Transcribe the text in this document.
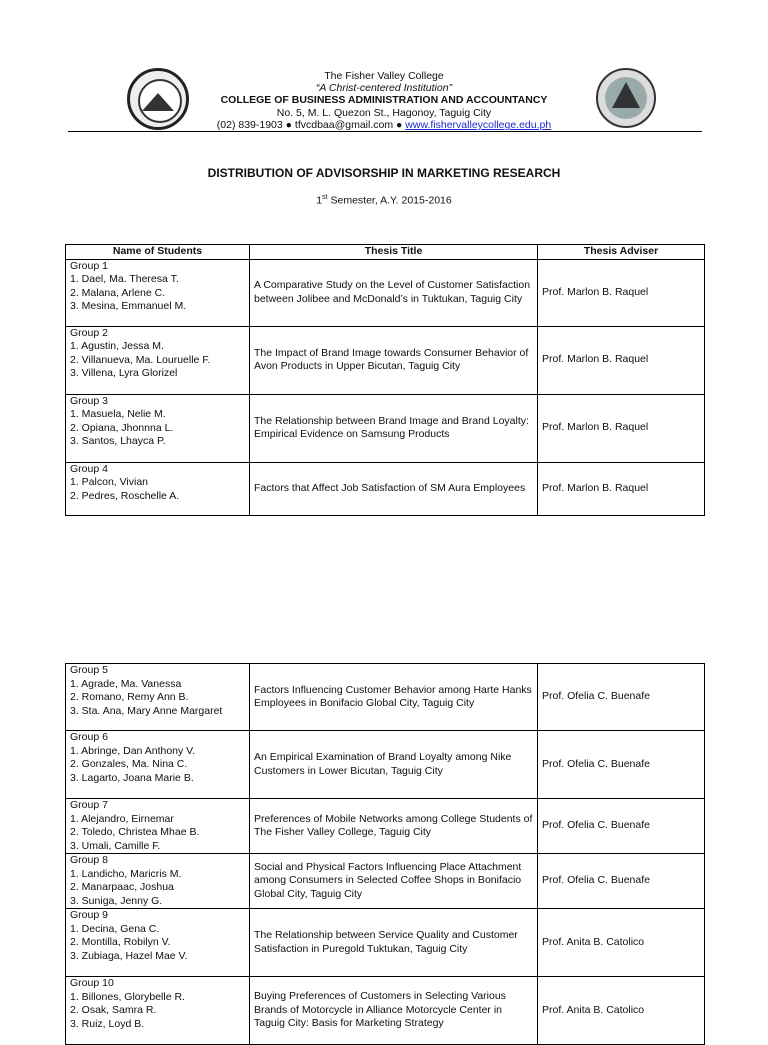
The Fisher Valley College
“A Christ-centered Institution”
COLLEGE OF BUSINESS ADMINISTRATION AND ACCOUNTANCY
No. 5, M. L. Quezon St., Hagonoy, Taguig City
(02) 839-1903 ● tfvcdbaa@gmail.com ● www.fishervalleycollege.edu.ph
DISTRIBUTION OF ADVISORSHIP IN MARKETING RESEARCH
1st Semester, A.Y. 2015-2016
Name of Students	Thesis Title	Thesis Adviser

Group 1
1. Dael, Ma. Theresa T.
2. Malana, Arlene C.
3. Mesina, Emmanuel M.	A Comparative Study on the Level of Customer Satisfaction between Jolibee and McDonald’s in Tuktukan, Taguig City	Prof. Marlon B. Raquel

Group 2
1. Agustin, Jessa M.
2. Villanueva, Ma. Louruelle F.
3. Villena, Lyra Glorizel	The Impact of Brand Image towards Consumer Behavior of Avon Products in Upper Bicutan, Taguig City	Prof. Marlon B. Raquel

Group 3
1. Masuela, Nelie M.
2. Opiana, Jhonnna L.
3. Santos, Lhayca P.	The Relationship between Brand Image and Brand Loyalty: Empirical Evidence on Samsung Products	Prof. Marlon B. Raquel

Group 4
1. Palcon, Vivian
2. Pedres, Roschelle A.	Factors that Affect Job Satisfaction of SM Aura Employees	Prof. Marlon B. Raquel
Group 5
1. Agrade, Ma. Vanessa
2. Romano, Remy Ann B.
3. Sta. Ana, Mary Anne Margaret	Factors Influencing Customer Behavior among Harte Hanks Employees in Bonifacio Global City, Taguig City	Prof. Ofelia C. Buenafe

Group 6
1. Abringe, Dan Anthony V.
2. Gonzales, Ma. Nina C.
3. Lagarto, Joana Marie B.	An Empirical Examination of Brand Loyalty among Nike Customers in Lower Bicutan, Taguig City	Prof. Ofelia C. Buenafe

Group 7
1. Alejandro, Eirnemar
2. Toledo, Christea Mhae B.
3. Umali, Camille F.	Preferences of Mobile Networks among College Students of The Fisher Valley College, Taguig City	Prof. Ofelia C. Buenafe

Group 8
1. Landicho, Maricris M.
2. Manarpaac, Joshua
3. Suniga, Jenny G.	Social and Physical Factors Influencing Place Attachment among Consumers in Selected Coffee Shops in Bonifacio Global City, Taguig City	Prof. Ofelia C. Buenafe

Group 9
1. Decina, Gena C.
2. Montilla, Robilyn V.
3. Zubiaga, Hazel Mae V.	The Relationship between Service Quality and Customer Satisfaction in Puregold Tuktukan, Taguig City	Prof. Anita B. Catolico

Group 10
1. Billones, Glorybelle R.
2. Osak, Samra R.
3. Ruiz, Loyd B.	Buying Preferences of Customers in Selecting Various Brands of Motorcycle in Alliance Motorcycle Center in Taguig City: Basis for Marketing Strategy	Prof. Anita B. Catolico
